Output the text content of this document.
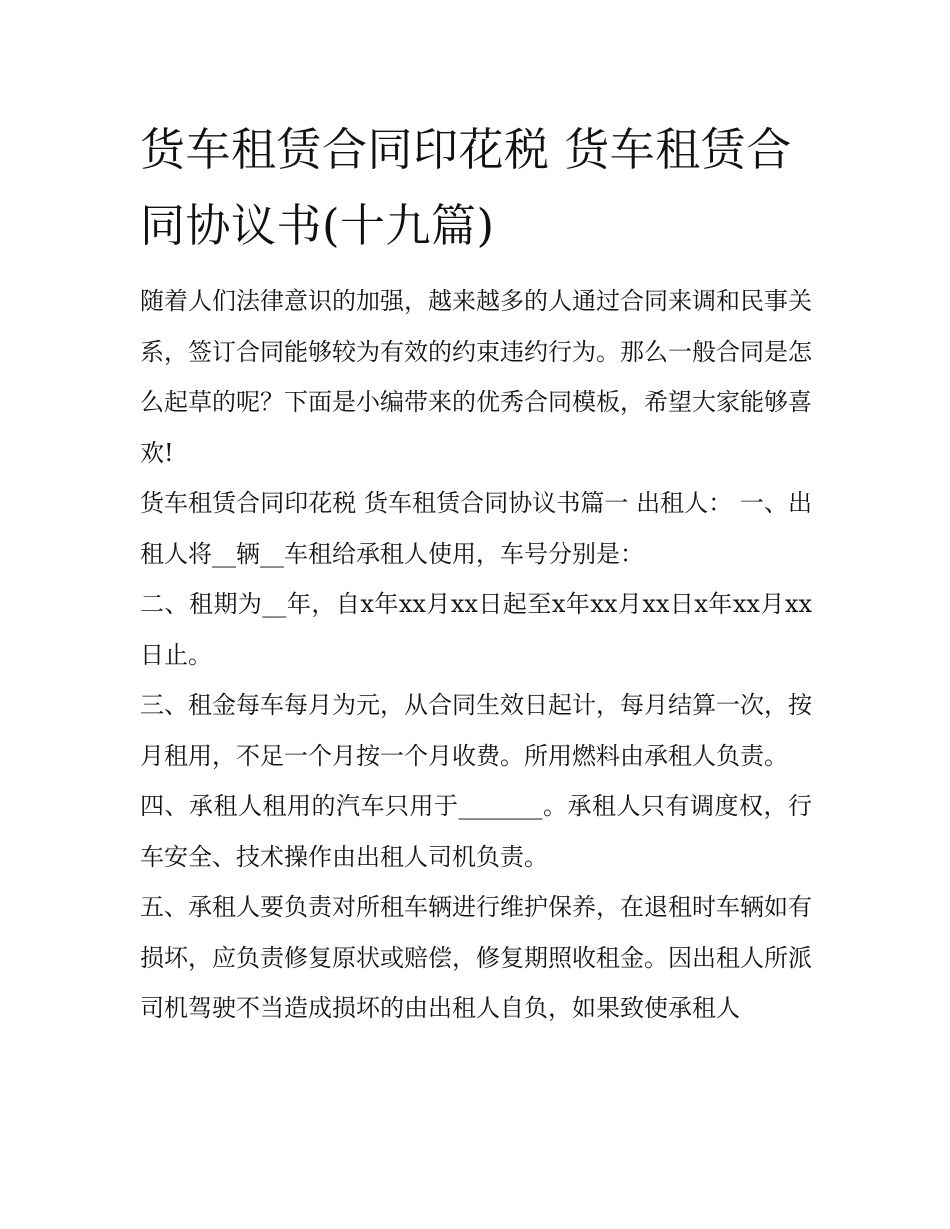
货车租赁合同印花税 货车租赁合同协议书(十九篇)

随着人们法律意识的加强，越来越多的人通过合同来调和民事关系，签订合同能够较为有效的约束违约行为。那么一般合同是怎么起草的呢？下面是小编带来的优秀合同模板，希望大家能够喜欢!

货车租赁合同印花税 货车租赁合同协议书篇一 出租人： 一、出租人将__辆__车租给承租人使用，车号分别是：

二、租期为__年，自x年xx月xx日起至x年xx月xx日x年xx月xx日止。

三、租金每车每月为元，从合同生效日起计，每月结算一次，按月租用，不足一个月按一个月收费。所用燃料由承租人负责。

四、承租人租用的汽车只用于_______。承租人只有调度权，行车安全、技术操作由出租人司机负责。

五、承租人要负责对所租车辆进行维护保养，在退租时车辆如有损坏，应负责修复原状或赔偿，修复期照收租金。因出租人所派司机驾驶不当造成损坏的由出租人自负，如果致使承租人
